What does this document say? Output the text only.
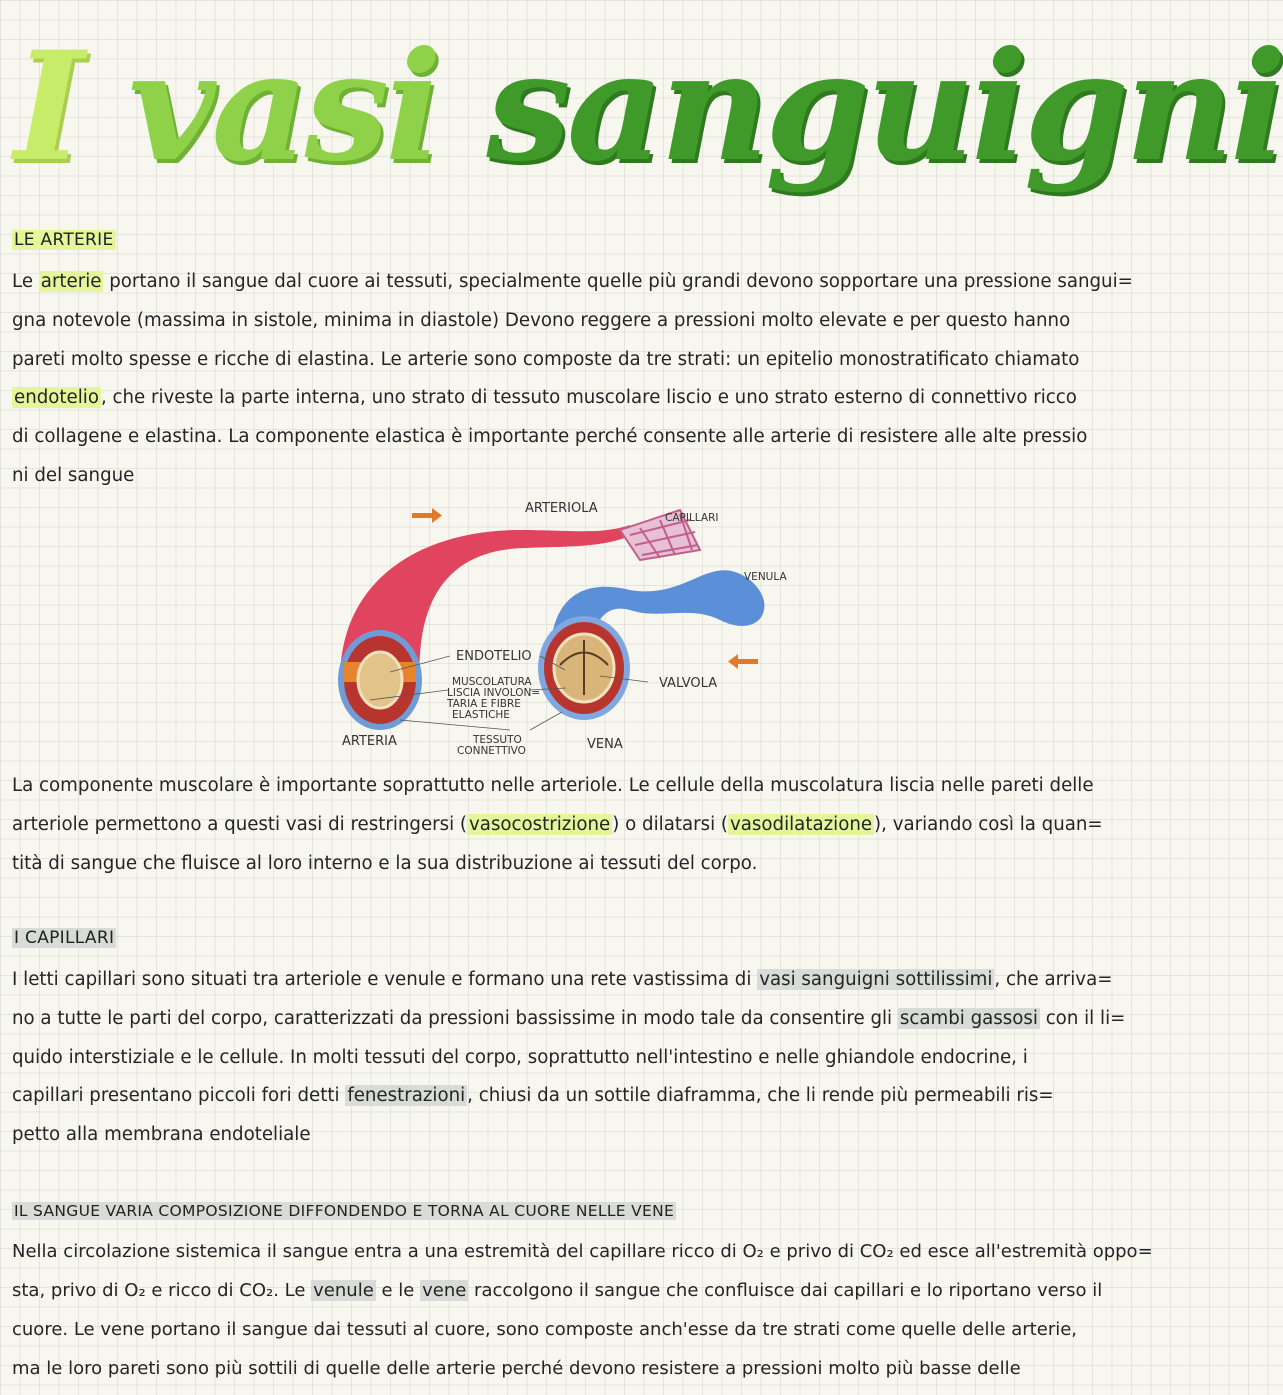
I vasi sanguigni
LE ARTERIE
Le arterie portano il sangue dal cuore ai tessuti, specialmente quelle più grandi devono sopportare una pressione sangui=
gna notevole (massima in sistole, minima in diastole) Devono reggere a pressioni molto elevate e per questo hanno
pareti molto spesse e ricche di elastina. Le arterie sono composte da tre strati: un epitelio monostratificato chiamato
endotelio , che riveste la parte interna, uno strato di tessuto muscolare liscio e uno strato esterno di connettivo ricco
di collagene e elastina. La componente elastica è importante perché consente alle arterie di resistere alle alte pressio
ni del sangue
ARTERIOLA
CAPILLARI
VENULA
ENDOTELIO
MUSCOLATURA
LISCIA INVOLON=
TARIA E FIBRE
ELASTICHE
VALVOLA
ARTERIA	TESSUTO
CONNETTIVO	VENA
La componente muscolare è importante soprattutto nelle arteriole. Le cellule della muscolatura liscia nelle pareti delle
arteriole permettono a questi vasi di restringersi ( vasocostrizione ) o dilatarsi ( vasodilatazione ), variando così la quan=
tità di sangue che fluisce al loro interno e la sua distribuzione ai tessuti del corpo.
I CAPILLARI
I letti capillari sono situati tra arteriole e venule e formano una rete vastissima di vasi sanguigni sottilissimi , che arriva=
no a tutte le parti del corpo, caratterizzati da pressioni bassissime in modo tale da consentire gli scambi gassosi con il li=
quido interstiziale e le cellule. In molti tessuti del corpo, soprattutto nell'intestino e nelle ghiandole endocrine, i
capillari presentano piccoli fori detti fenestrazioni , chiusi da un sottile diaframma, che li rende più permeabili ris=
petto alla membrana endoteliale
IL SANGUE VARIA COMPOSIZIONE DIFFONDENDO E TORNA AL CUORE NELLE VENE
Nella circolazione sistemica il sangue entra a una estremità del capillare ricco di O₂ e privo di CO₂ ed esce all'estremità oppo=
sta, privo di O₂ e ricco di CO₂. Le venule e le vene raccolgono il sangue che confluisce dai capillari e lo riportano verso il
cuore. Le vene portano il sangue dai tessuti al cuore, sono composte anch'esse da tre strati come quelle delle arterie,
ma le loro pareti sono più sottili di quelle delle arterie perché devono resistere a pressioni molto più basse delle
